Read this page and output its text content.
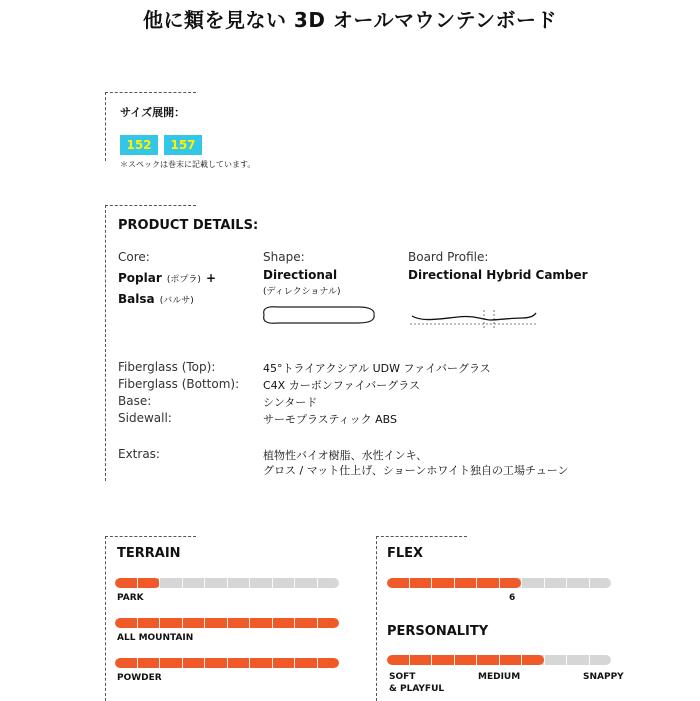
他に類を見ない 3D オールマウンテンボード
サイズ展開：
152 157
＊スペックは巻末に記載しています。
PRODUCT DETAILS:
Core:
Poplar (ポプラ) +
Balsa (バルサ)
Shape:
Directional
(ディレクショナル)
Board Profile:
Directional Hybrid Camber
Fiberglass (Top):	45°トライアクシアル UDW ファイバーグラス
Fiberglass (Bottom): C4X カーボンファイバーグラス
Base:	シンタード
Sidewall:	サーモプラスティック ABS
Extras:	植物性バイオ樹脂、水性インキ、
グロス / マット仕上げ、ショーンホワイト独自の工場チューン
TERRAIN
PARK
ALL MOUNTAIN
POWDER
FLEX
6
PERSONALITY
SOFT
& PLAYFUL
MEDIUM	SNAPPY
